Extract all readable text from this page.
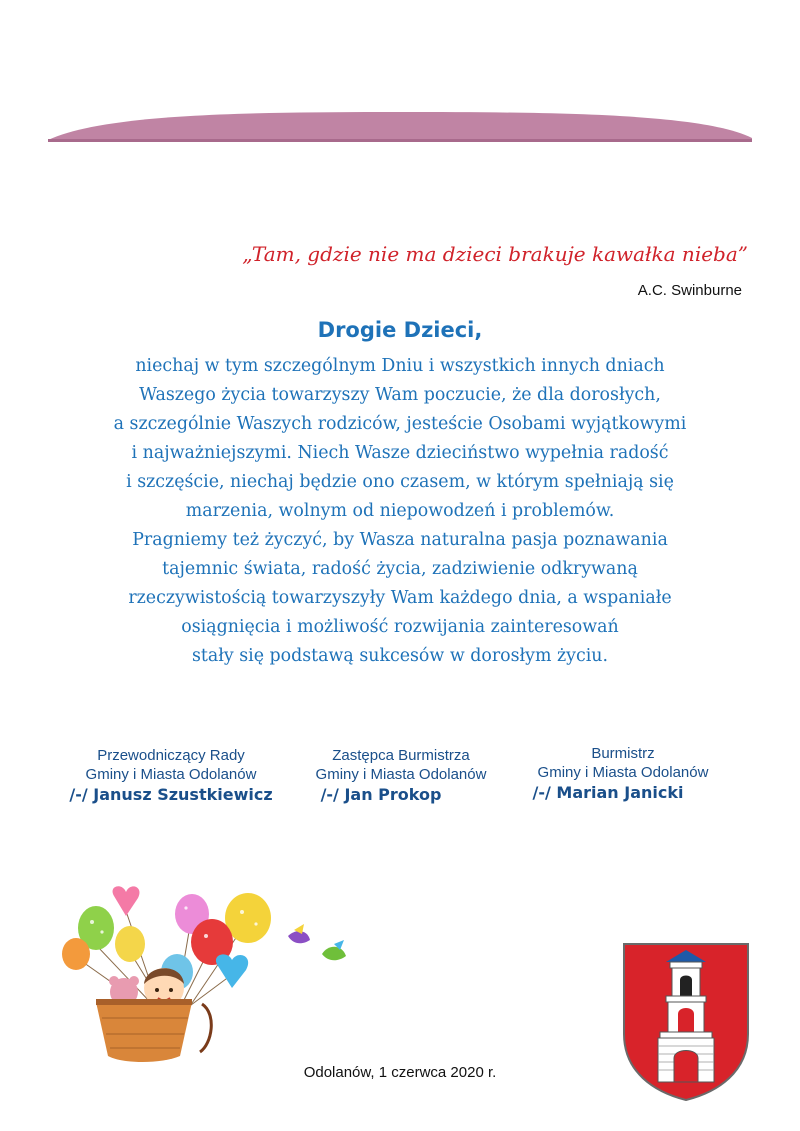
„Tam, gdzie nie ma dzieci brakuje kawałka nieba”
A.C. Swinburne
Drogie Dzieci,
niechaj w tym szczególnym Dniu i wszystkich innych dniach
Waszego życia towarzyszy Wam poczucie, że dla dorosłych,
a szczególnie Waszych rodziców, jesteście Osobami wyjątkowymi
i najważniejszymi. Niech Wasze dzieciństwo wypełnia radość
i szczęście, niechaj będzie ono czasem, w którym spełniają się
marzenia, wolnym od niepowodzeń i problemów.
Pragniemy też życzyć, by Wasza naturalna pasja poznawania
tajemnic świata, radość życia, zadziwienie odkrywaną
rzeczywistością towarzyszyły Wam każdego dnia, a wspaniałe
osiągnięcia i możliwość rozwijania zainteresowań
stały się podstawą sukcesów w dorosłym życiu.
Przewodniczący Rady
Gminy i Miasta Odolanów
/-/ Janusz Szustkiewicz
Zastępca Burmistrza
Gminy i Miasta Odolanów
/-/ Jan Prokop
Burmistrz
Gminy i Miasta Odolanów
/-/ Marian Janicki
Odolanów, 1 czerwca 2020 r.
